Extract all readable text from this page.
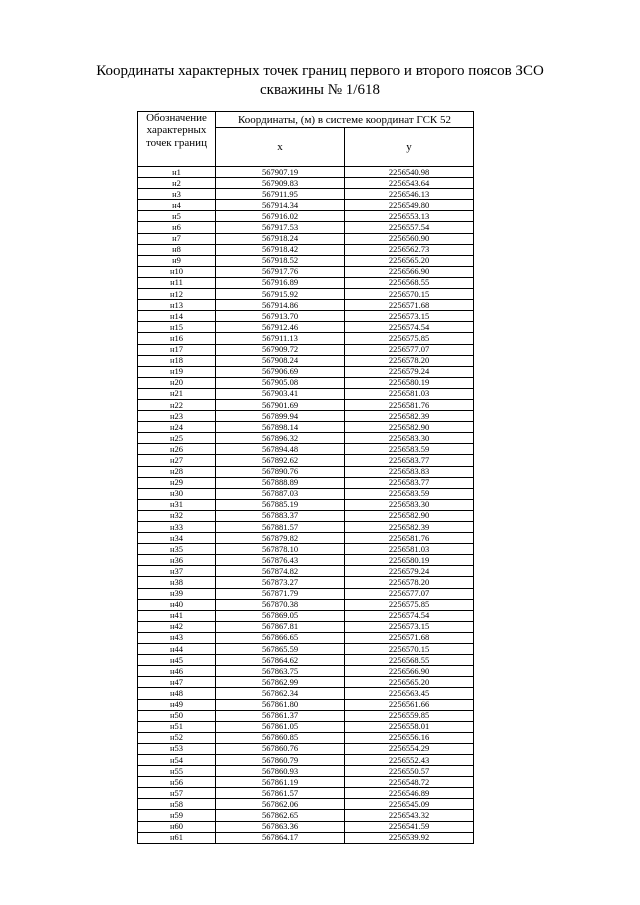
Координаты характерных точек границ первого и второго поясов ЗСО
скважины № 1/618
Обозначение характерных точек границ	Координаты, (м) в системе координат ГСК 52	
	x	y
н1	567907.19	2256540.98
н2	567909.83	2256543.64
н3	567911.95	2256546.13
н4	567914.34	2256549.80
н5	567916.02	2256553.13
н6	567917.53	2256557.54
н7	567918.24	2256560.90
н8	567918.42	2256562.73
н9	567918.52	2256565.20
н10	567917.76	2256566.90
н11	567916.89	2256568.55
н12	567915.92	2256570.15
н13	567914.86	2256571.68
н14	567913.70	2256573.15
н15	567912.46	2256574.54
н16	567911.13	2256575.85
н17	567909.72	2256577.07
н18	567908.24	2256578.20
н19	567906.69	2256579.24
н20	567905.08	2256580.19
н21	567903.41	2256581.03
н22	567901.69	2256581.76
н23	567899.94	2256582.39
н24	567898.14	2256582.90
н25	567896.32	2256583.30
н26	567894.48	2256583.59
н27	567892.62	2256583.77
н28	567890.76	2256583.83
н29	567888.89	2256583.77
н30	567887.03	2256583.59
н31	567885.19	2256583.30
н32	567883.37	2256582.90
н33	567881.57	2256582.39
н34	567879.82	2256581.76
н35	567878.10	2256581.03
н36	567876.43	2256580.19
н37	567874.82	2256579.24
н38	567873.27	2256578.20
н39	567871.79	2256577.07
н40	567870.38	2256575.85
н41	567869.05	2256574.54
н42	567867.81	2256573.15
н43	567866.65	2256571.68
н44	567865.59	2256570.15
н45	567864.62	2256568.55
н46	567863.75	2256566.90
н47	567862.99	2256565.20
н48	567862.34	2256563.45
н49	567861.80	2256561.66
н50	567861.37	2256559.85
н51	567861.05	2256558.01
н52	567860.85	2256556.16
н53	567860.76	2256554.29
н54	567860.79	2256552.43
н55	567860.93	2256550.57
н56	567861.19	2256548.72
н57	567861.57	2256546.89
н58	567862.06	2256545.09
н59	567862.65	2256543.32
н60	567863.36	2256541.59
н61	567864.17	2256539.92
